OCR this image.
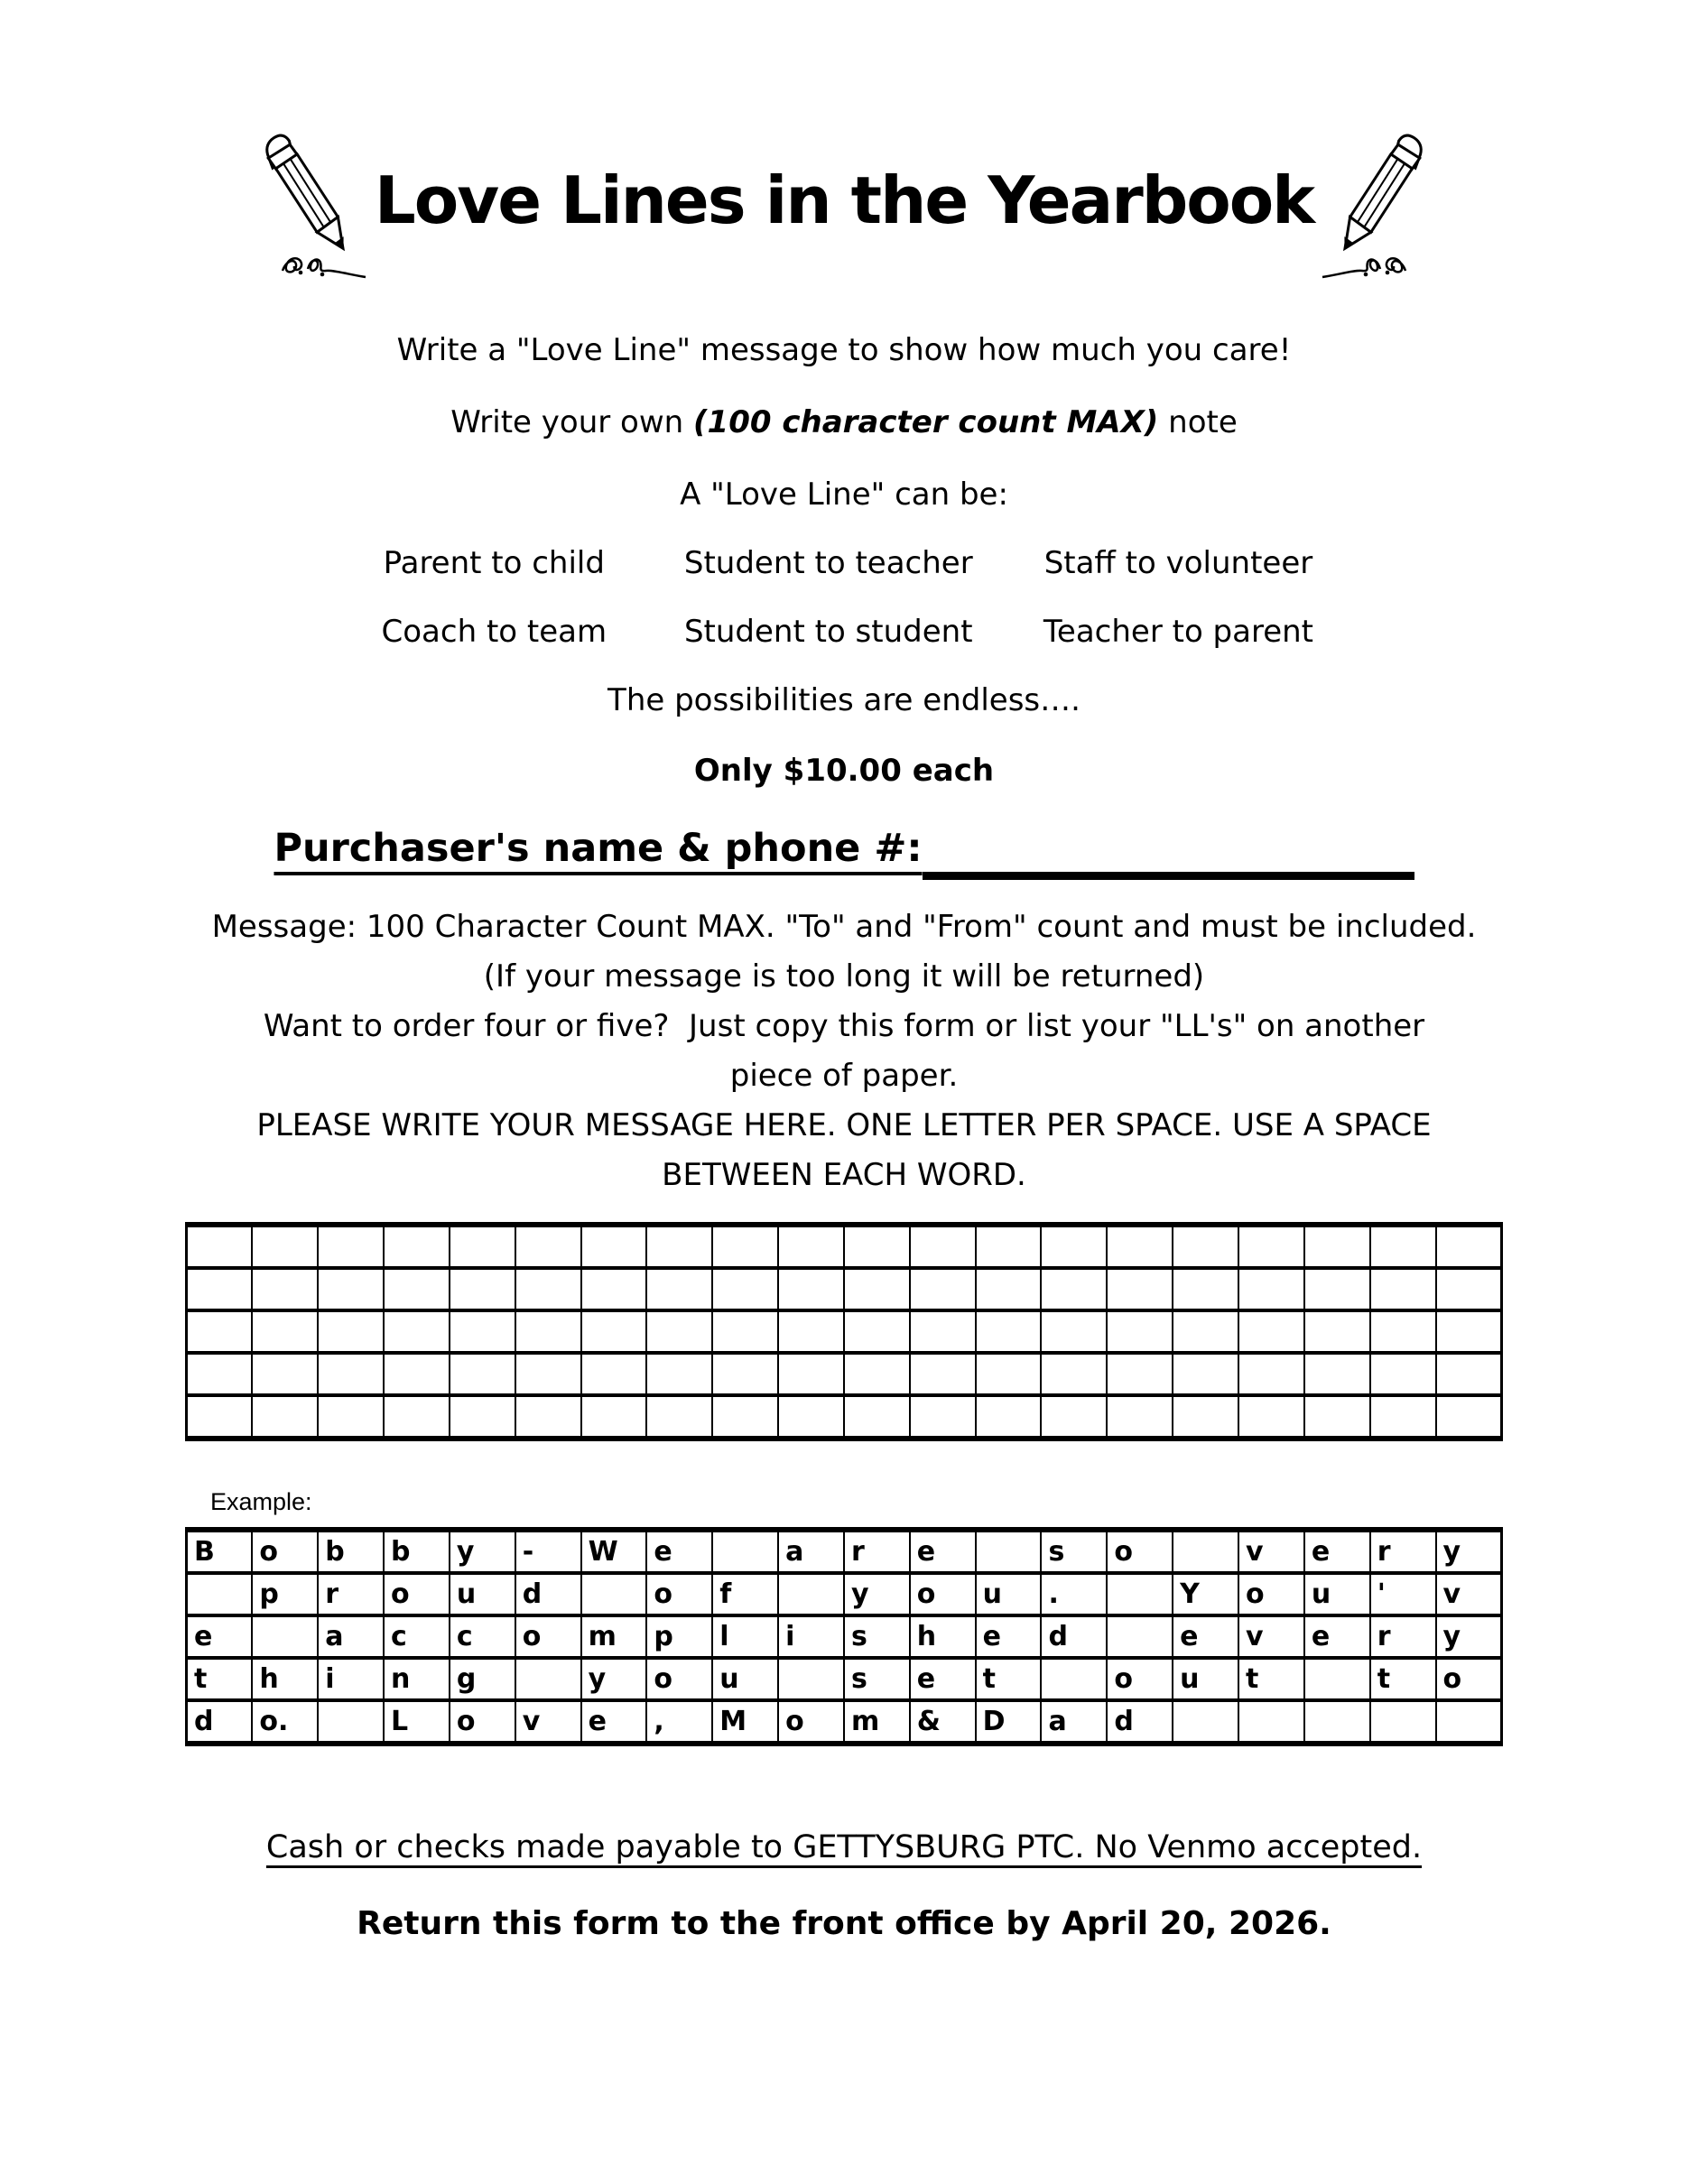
Love Lines in the Yearbook
Write a "Love Line" message to show how much you care!
Write your own (100 character count MAX) note
A "Love Line" can be:
Parent to child	Student to teacher	Staff to volunteer
Coach to team	Student to student	Teacher to parent
The possibilities are endless….
Only $10.00 each
Purchaser's name & phone #:
Message: 100 Character Count MAX. "To" and "From" count and must be included.
(If your message is too long it will be returned)
Want to order four or five?  Just copy this form or list your "LL's" on another
piece of paper.
PLEASE WRITE YOUR MESSAGE HERE. ONE LETTER PER SPACE. USE A SPACE
BETWEEN EACH WORD.

Example:
B	o	b	b	y	-	W	e		a	r	e		s	o		v	e	r	y
	p	r	o	u	d		o	f		y	o	u	.		Y	o	u	'	v
e		a	c	c	o	m	p	l	i	s	h	e	d		e	v	e	r	y
t	h	i	n	g		y	o	u		s	e	t		o	u	t		t	o
d	o.		L	o	v	e	,	M	o	m	&	D	a	d					
Cash or checks made payable to GETTYSBURG PTC. No Venmo accepted.
Return this form to the front office by April 20, 2026.
